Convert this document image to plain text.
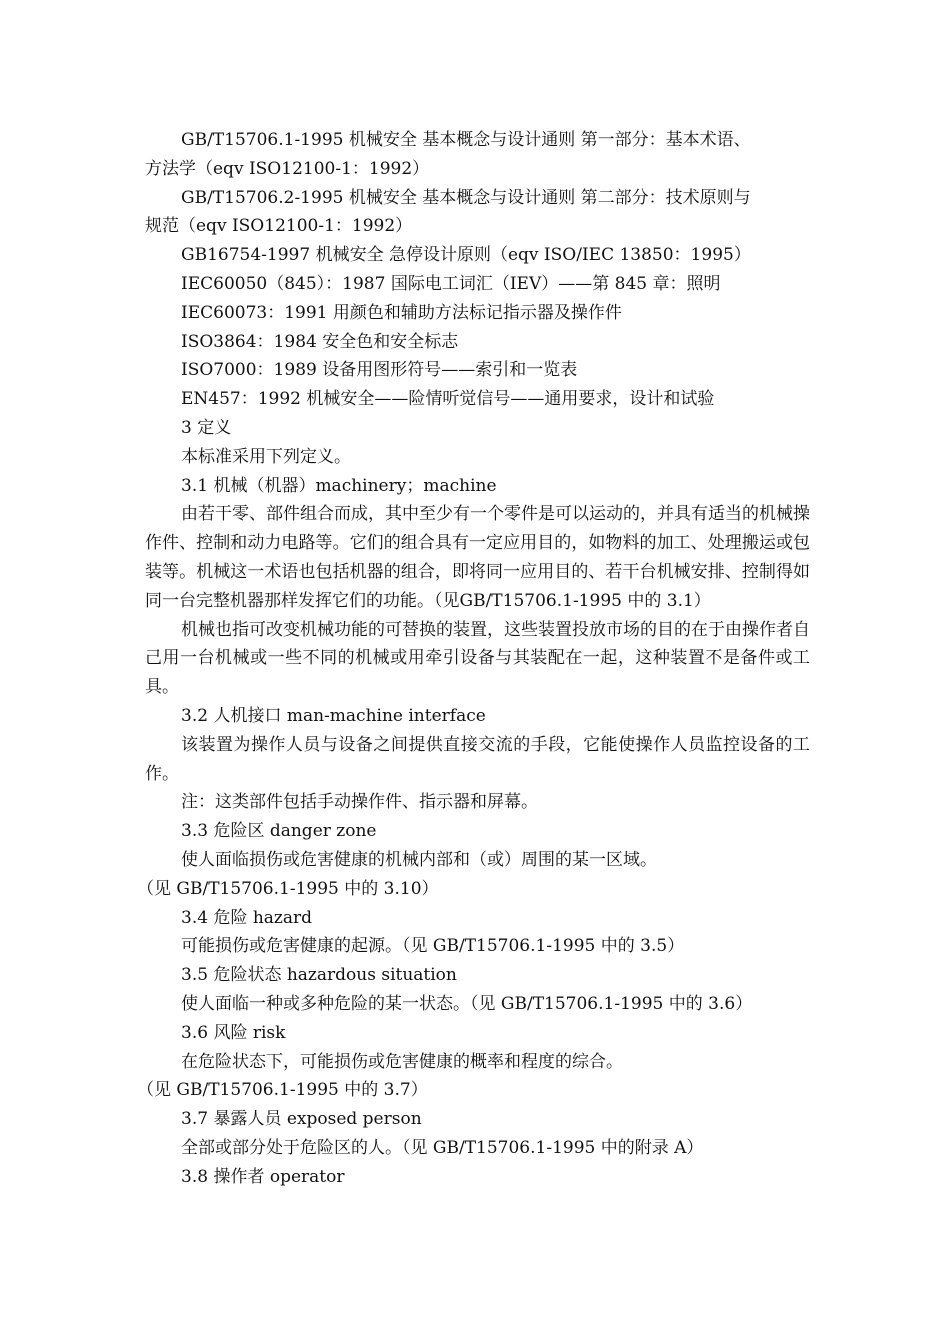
GB/T15706.1-1995 机械安全 基本概念与设计通则 第一部分：基本术语、
方法学（eqv ISO12100-1：1992）
GB/T15706.2-1995 机械安全 基本概念与设计通则 第二部分：技术原则与
规范（eqv ISO12100-1：1992）
GB16754-1997 机械安全 急停设计原则（eqv ISO/IEC 13850：1995）
IEC60050（845）：1987 国际电工词汇（IEV）——第 845 章：照明
IEC60073：1991 用颜色和辅助方法标记指示器及操作件
ISO3864：1984 安全色和安全标志
ISO7000：1989 设备用图形符号——索引和一览表
EN457：1992 机械安全——险情听觉信号——通用要求，设计和试验
3 定义
本标准采用下列定义。
3.1 机械（机器）machinery；machine
由若干零、部件组合而成，其中至少有一个零件是可以运动的，并具有适当的机械操作件、控制和动力电路等。它们的组合具有一定应用目的，如物料的加工、处理搬运或包装等。机械这一术语也包括机器的组合，即将同一应用目的、若干台机械安排、控制得如同一台完整机器那样发挥它们的功能。（见GB/T15706.1-1995 中的 3.1）
机械也指可改变机械功能的可替换的装置，这些装置投放市场的目的在于由操作者自己用一台机械或一些不同的机械或用牵引设备与其装配在一起，这种装置不是备件或工具。
3.2 人机接口 man-machine interface
该装置为操作人员与设备之间提供直接交流的手段，它能使操作人员监控设备的工作。
注：这类部件包括手动操作件、指示器和屏幕。
3.3 危险区 danger zone
使人面临损伤或危害健康的机械内部和（或）周围的某一区域。
（见 GB/T15706.1-1995 中的 3.10）
3.4 危险 hazard
可能损伤或危害健康的起源。（见 GB/T15706.1-1995 中的 3.5）
3.5 危险状态 hazardous situation
使人面临一种或多种危险的某一状态。（见 GB/T15706.1-1995 中的 3.6）
3.6 风险 risk
在危险状态下，可能损伤或危害健康的概率和程度的综合。
（见 GB/T15706.1-1995 中的 3.7）
3.7 暴露人员 exposed person
全部或部分处于危险区的人。（见 GB/T15706.1-1995 中的附录 A）
3.8 操作者 operator
